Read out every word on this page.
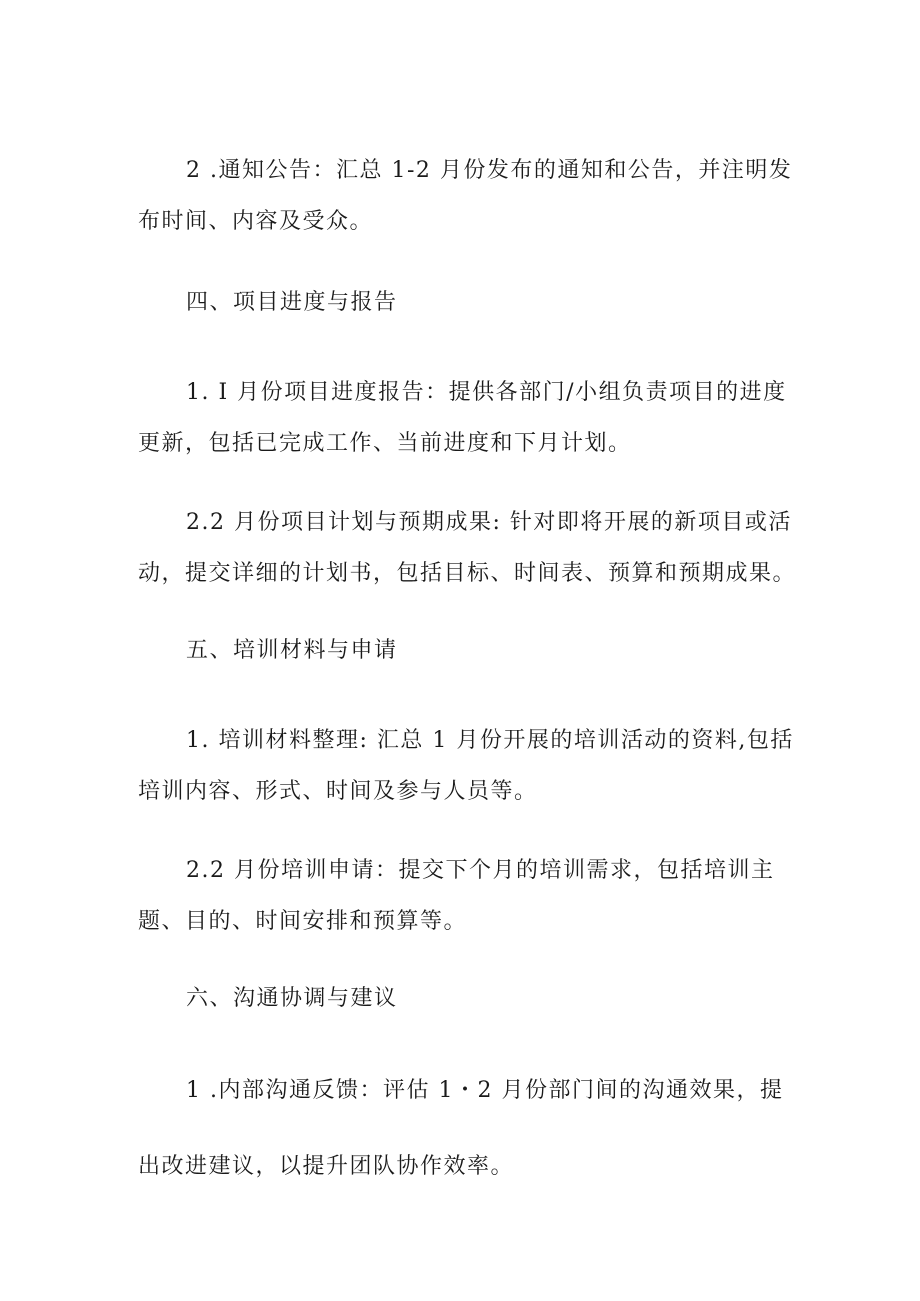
2 .通知公告：汇总 1-2 月份发布的通知和公告，并注明发布时间、内容及受众。

四、项目进度与报告

1. I 月份项目进度报告：提供各部门/小组负责项目的进度更新，包括已完成工作、当前进度和下月计划。

2.2 月份项目计划与预期成果: 针对即将开展的新项目或活动，提交详细的计划书，包括目标、时间表、预算和预期成果。

五、培训材料与申请

1. 培训材料整理: 汇总 1 月份开展的培训活动的资料,包括培训内容、形式、时间及参与人员等。

2.2 月份培训申请：提交下个月的培训需求，包括培训主题、目的、时间安排和预算等。

六、沟通协调与建议

1 .内部沟通反馈：评估 1・2 月份部门间的沟通效果，提

出改进建议，以提升团队协作效率。
